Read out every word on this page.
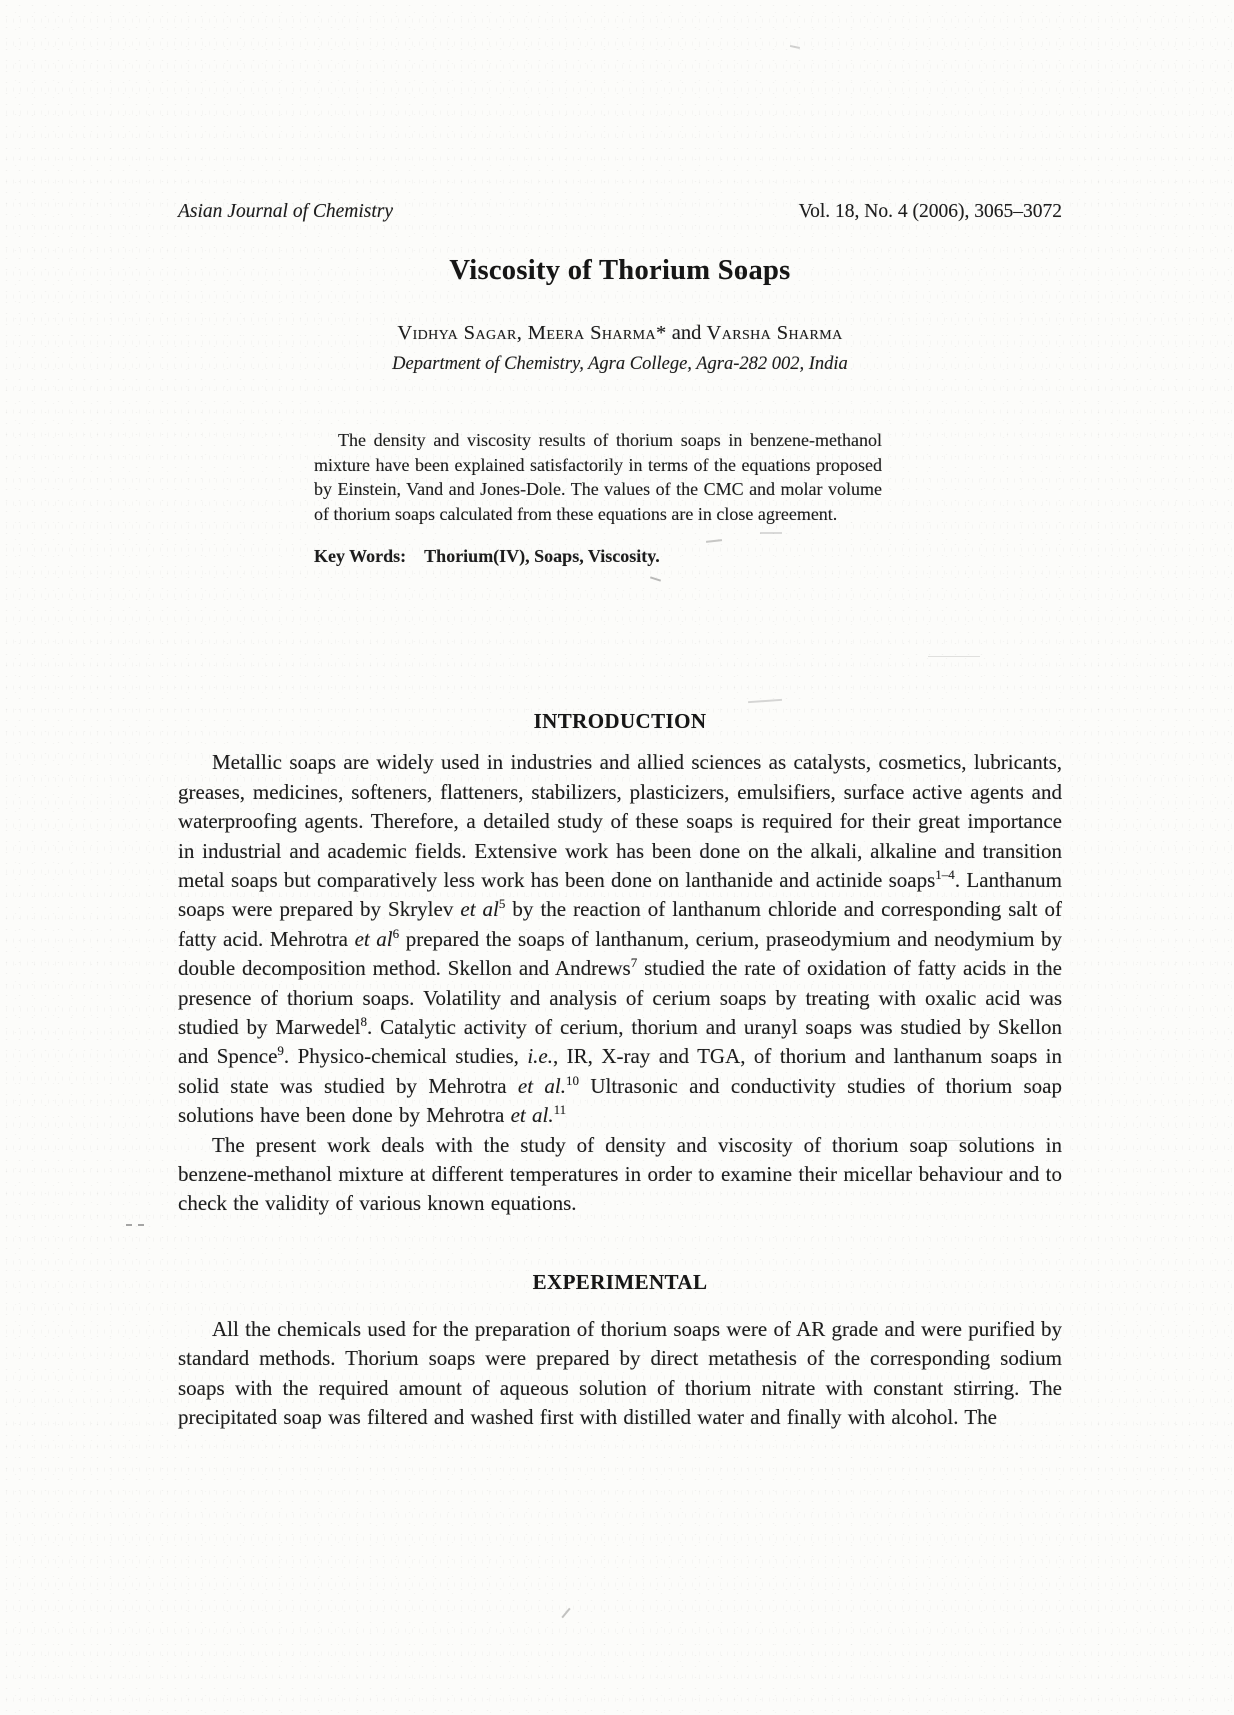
Asian Journal of Chemistry	Vol. 18, No. 4 (2006), 3065–3072
Viscosity of Thorium Soaps
Vidhya Sagar, Meera Sharma* and Varsha Sharma
Department of Chemistry, Agra College, Agra-282 002, India

The density and viscosity results of thorium soaps in benzene-methanol mixture have been explained satisfactorily in terms of the equations proposed by Einstein, Vand and Jones-Dole. The values of the CMC and molar volume of thorium soaps calculated from these equations are in close agreement.

Key Words: Thorium(IV), Soaps, Viscosity.
INTRODUCTION

Metallic soaps are widely used in industries and allied sciences as catalysts, cosmetics, lubricants, greases, medicines, softeners, flatteners, stabilizers, plasticizers, emulsifiers, surface active agents and waterproofing agents. Therefore, a detailed study of these soaps is required for their great importance in industrial and academic fields. Extensive work has been done on the alkali, alkaline and transition metal soaps but comparatively less work has been done on lanthanide and actinide soaps$^{1-4}$. Lanthanum soaps were prepared by Skrylev et $al^5$ by the reaction of lanthanum chloride and corresponding salt of fatty acid. Mehrotra et $al^6$ prepared the soaps of lanthanum, cerium, praseodymium and neodymium by double decomposition method. Skellon and Andrews$^7$ studied the rate of oxidation of fatty acids in the presence of thorium soaps. Volatility and analysis of cerium soaps by treating with oxalic acid was studied by Marwedel$^8$. Catalytic activity of cerium, thorium and uranyl soaps was studied by Skellon and Spence$^9$. Physico-chemical studies, i.e., IR, X-ray and TGA, of thorium and lanthanum soaps in solid state was studied by Mehrotra et al.$^{10}$ Ultrasonic and conductivity studies of thorium soap solutions have been done by Mehrotra et al.$^{11}$

The present work deals with the study of density and viscosity of thorium soap solutions in benzene-methanol mixture at different temperatures in order to examine their micellar behaviour and to check the validity of various known equations.

EXPERIMENTAL

All the chemicals used for the preparation of thorium soaps were of AR grade and were purified by standard methods. Thorium soaps were prepared by direct metathesis of the corresponding sodium soaps with the required amount of aqueous solution of thorium nitrate with constant stirring. The precipitated soap was filtered and washed first with distilled water and finally with alcohol. The
